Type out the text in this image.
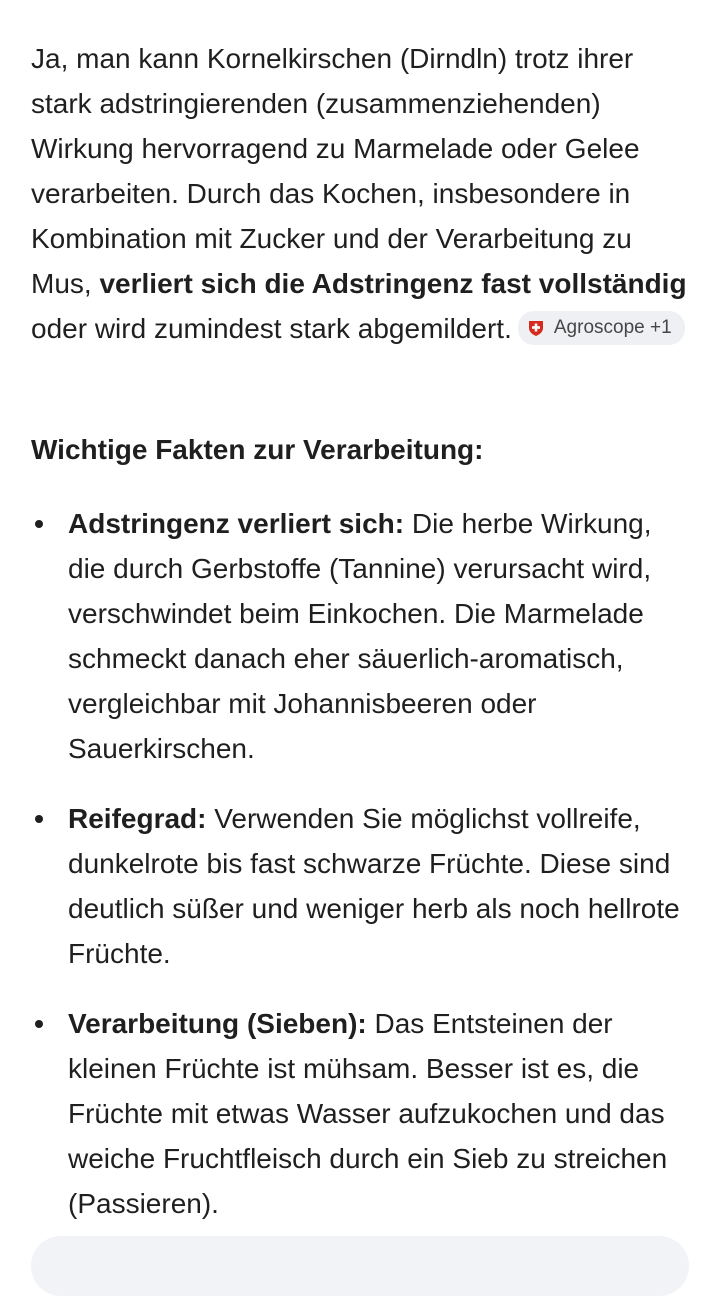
Ja, man kann Kornelkirschen (Dirndln) trotz ihrer stark adstringierenden (zusammenziehenden) Wirkung hervorragend zu Marmelade oder Gelee verarbeiten. Durch das Kochen, insbesondere in Kombination mit Zucker und der Verarbeitung zu Mus, verliert sich die Adstringenz fast vollständig oder wird zumindest stark abgemildert. Agroscope +1

Wichtige Fakten zur Verarbeitung:
Adstringenz verliert sich: Die herbe Wirkung, die durch Gerbstoffe (Tannine) verursacht wird, verschwindet beim Einkochen. Die Marmelade schmeckt danach eher säuerlich-aromatisch, vergleichbar mit Johannisbeeren oder Sauerkirschen.
Reifegrad: Verwenden Sie möglichst vollreife, dunkelrote bis fast schwarze Früchte. Diese sind deutlich süßer und weniger herb als noch hellrote Früchte.
Verarbeitung (Sieben): Das Entsteinen der kleinen Früchte ist mühsam. Besser ist es, die Früchte mit etwas Wasser aufzukochen und das weiche Fruchtfleisch durch ein Sieb zu streichen (Passieren).
